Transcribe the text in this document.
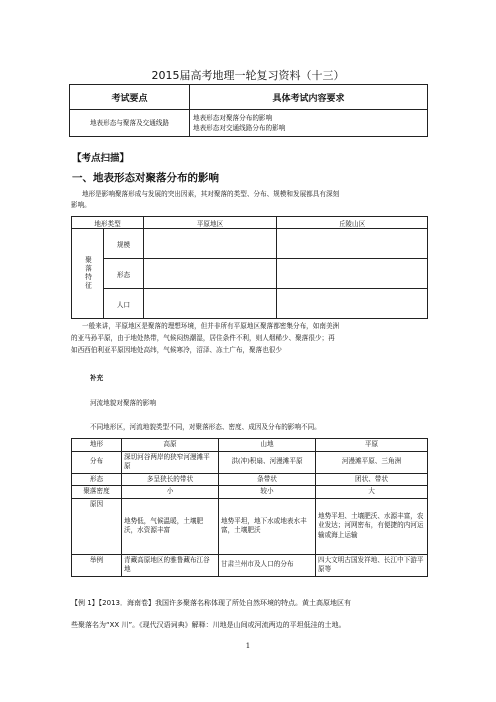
2015届高考地理一轮复习资料（十三）
考试要点	具体考试内容要求
地表形态与聚落及交通线路	地表形态对聚落分布的影响
地表形态对交通线路分布的影响
【考点扫描】
一、地表形态对聚落分布的影响
地形是影响聚落形成与发展的突出因素，其对聚落的类型、分布、规模和发展都具有深刻
影响。
地形类型		平原地区	丘陵山区
聚落特征	规模		
	形态		
	人口		
一般来讲，平原地区是聚落的理想环境，但并非所有平原地区聚落都密集分布，如南美洲
的亚马孙平原，由于地处热带，气候闷热潮湿，居住条件不利，则人烟稀少、聚落很少；再
如西西伯利亚平原因地处高纬，气候寒冷，沼泽、冻土广布，聚落也很少
补充
河流地貌对聚落的影响
不同地形区，河流地貌类型不同，对聚落形态、密度、成因及分布的影响不同。
地形	高原	山地	平原
分布	深切河谷两岸的狭窄河漫滩平原	洪(冲)积扇、河漫滩平原	河漫滩平原、三角洲
形态	多呈狭长的带状	条带状	团状、带状
聚落密度	小	较小	大
原因	地势低，气候温暖，土壤肥沃，水资源丰富	地势平坦，地下水或地表水丰富，土壤肥沃	地势平坦、土壤肥沃、水源丰富，农业发达；河网密布，有便捷的内河运输或海上运输
举例	青藏高原地区的雅鲁藏布江谷地	甘肃兰州市及人口的分布	四大文明古国发祥地、长江中下游平原等
【例 1】【2013．海南卷】我国许多聚落名称体现了所处自然环境的特点。黄土高原地区有
些聚落名为“XX 川”。《现代汉语词典》解释：川地是山间或河流两边的平坦低洼的土地。
1
